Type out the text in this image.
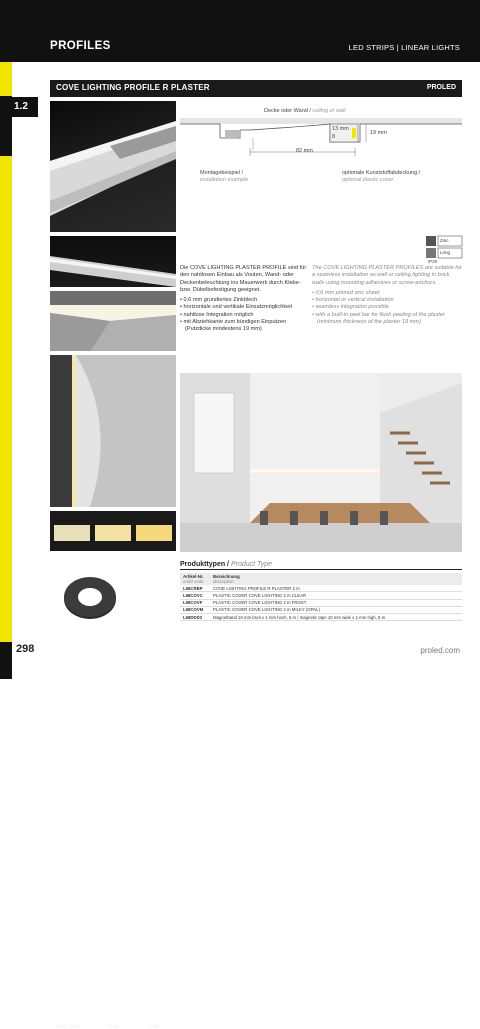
PROFILES	LED STRIPS | LINEAR LIGHTS
1.2
COVE LIGHTING PROFILE R PLASTER	PROLED
Decke oder Wand / ceiling or wall
82 mm
13 mm
8
19 mm
Montagebeispiel /
installation example
optionale Kunststoffabdeckung /
optional plastic cover
Zinc
Leng
IP20

Die COVE LIGHTING PLASTER PROFILE sind für den nahtlosen Einbau als Vouten, Wand- oder Deckenbeleuchtung ins Mauerwerk durch Klebe- bzw. Dübelbefestigung geeignet.

• 0,6 mm grundiertes Zinkblech
• horizontale und vertikale Einsatzmöglichkeit
• nahtlose Integration möglich
• mit Abziehkante zum bündigen Einputzen (Putzdicke mindestens 19 mm)

The COVE LIGHTING PLASTER PROFILES are suitable for a seamless installation as wall or ceiling lighting in brick walls using mounting adhesives or screw-anchors.

• 0,6 mm primed zinc sheet
• horizontal or vertical installation
• seamless integration possible
• with a built-in peel bar for flush peeling of the plaster (minimum thickness of the plaster 19 mm)
Milky (opal)	Frost	Clear
Produkttypen / Product Type
Artikel-Nr.
order code	Bezeichnung
description

L68CRBP	COVE LIGHTING PROFILE R PLASTER 2 m
L68COVC	PLASTIC COVER COVE LIGHTING 2 m CLEAR
L68COVF	PLASTIC COVER COVE LIGHTING 2 m FROST
L68COVM	PLASTIC COVER COVE LIGHTING 2 m MILKY (OPAL)
L68DDD2	Magnetband 10 mm breit x 1 mm hoch, 5 m / magnetic tape 10 mm wide x 1 mm high, 5 m
298	proled.com
